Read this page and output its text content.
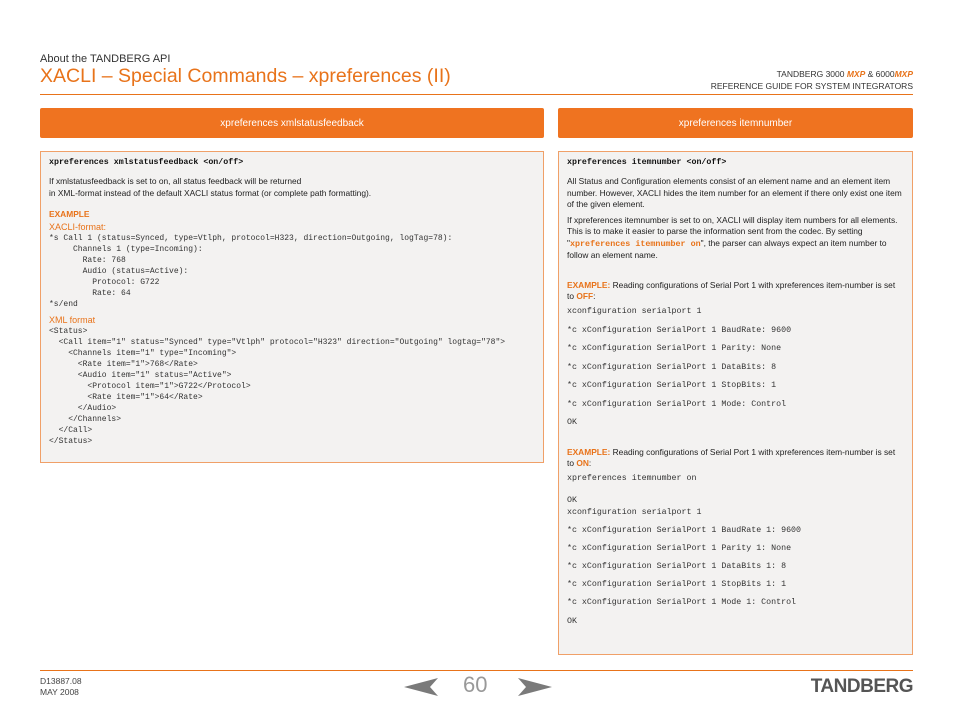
About the TANDBERG API
XACLI – Special Commands – xpreferences (II)	TANDBERG 3000 MXP & 6000MXP
REFERENCE GUIDE FOR SYSTEM INTEGRATORS
xpreferences xmlstatusfeedback	xpreferences itemnumber
xpreferences xmlstatusfeedback <on/off>
If xmlstatusfeedback is set to on, all status feedback will be returned
in XML-format instead of the default XACLI status format (or complete path formatting).
EXAMPLE
XACLI-format:
*s Call 1 (status=Synced, type=Vtlph, protocol=H323, direction=Outgoing, logTag=78):
Channels 1 (type=Incoming):
Rate: 768
Audio (status=Active):
Protocol: G722
Rate: 64
*s/end
XML format
<Status>
<Call item="1" status="Synced" type="Vtlph" protocol="H323" direction="Outgoing" logtag="78">
<Channels item="1" type="Incoming">
<Rate item="1">768</Rate>
<Audio item="1" status="Active">
<Protocol item="1">G722</Protocol>
<Rate item="1">64</Rate>
</Audio>
</Channels>
</Call>
</Status>
xpreferences itemnumber <on/off>
All Status and Configuration elements consist of an element name and an element item number. However, XACLI hides the item number for an element if there only exist one item of the given element.
If xpreferences itemnumber is set to on, XACLI will display item numbers for all elements. This is to make it easier to parse the information sent from the codec. By setting "xpreferences itemnumber on", the parser can always expect an item number to follow an element name.
EXAMPLE: Reading configurations of Serial Port 1 with xpreferences item-number is set to OFF:
xconfiguration serialport 1
*c xConfiguration SerialPort 1 BaudRate: 9600
*c xConfiguration SerialPort 1 Parity: None
*c xConfiguration SerialPort 1 DataBits: 8
*c xConfiguration SerialPort 1 StopBits: 1
*c xConfiguration SerialPort 1 Mode: Control
OK
EXAMPLE: Reading configurations of Serial Port 1 with xpreferences item-number is set to ON:
xpreferences itemnumber on
OK
xconfiguration serialport 1
*c xConfiguration SerialPort 1 BaudRate 1: 9600
*c xConfiguration SerialPort 1 Parity 1: None
*c xConfiguration SerialPort 1 DataBits 1: 8
*c xConfiguration SerialPort 1 StopBits 1: 1
*c xConfiguration SerialPort 1 Mode 1: Control
OK
D13887.08
MAY 2008	60	TANDBERG
